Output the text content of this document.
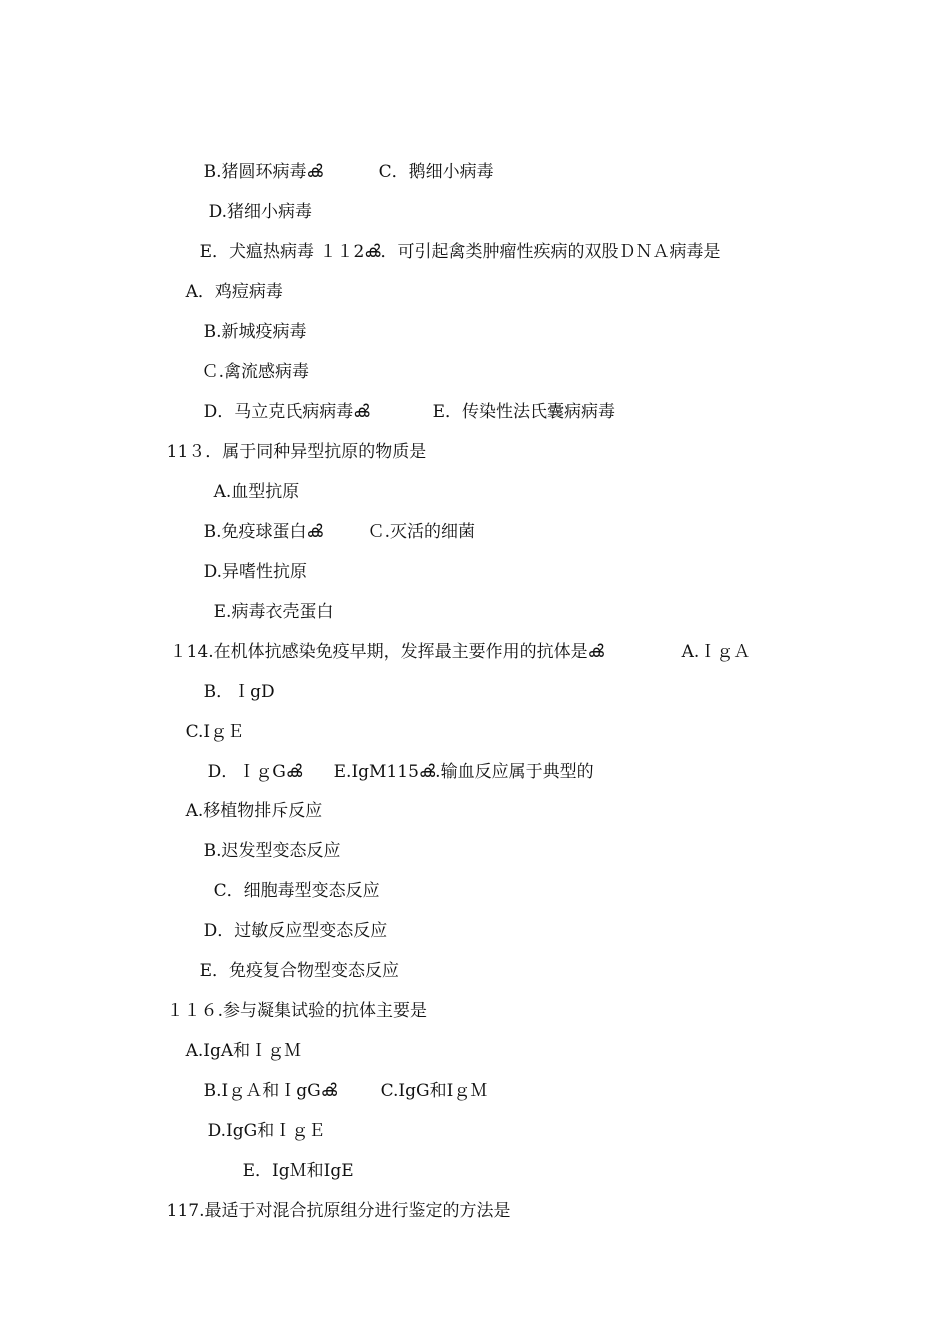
B.猪圆环病毒ൿ	C．鹅细小病毒

D.猪细小病毒

E．犬瘟热病毒 １１2ൿ．可引起禽类肿瘤性疾病的双股ＤＮＡ病毒是

A．鸡痘病毒

B.新城疫病毒

Ｃ.禽流感病毒

D．马立克氏病病毒ൿ	E．传染性法氏囊病病毒

11３．属于同种异型抗原的物质是

A.血型抗原

B.免疫球蛋白ൿ	Ｃ.灭活的细菌

D.异嗜性抗原

E.病毒衣壳蛋白

１14.在机体抗感染免疫早期，发挥最主要作用的抗体是ൿ	A.ＩｇＡ

B．ＩgD

C.IｇＥ

D．ＩｇGൿ E.IgM115ൿ.输血反应属于典型的

A.移植物排斥反应

B.迟发型变态反应

C．细胞毒型变态反应

D．过敏反应型变态反应

E．免疫复合物型变态反应

１１６.参与凝集试验的抗体主要是

A.IgA和ＩｇＭ

B.IｇＡ和ＩgGൿ	C.IgG和IｇＭ

D.IgG和ＩｇＥ

E．IgＭ和IgE

117.最适于对混合抗原组分进行鉴定的方法是
